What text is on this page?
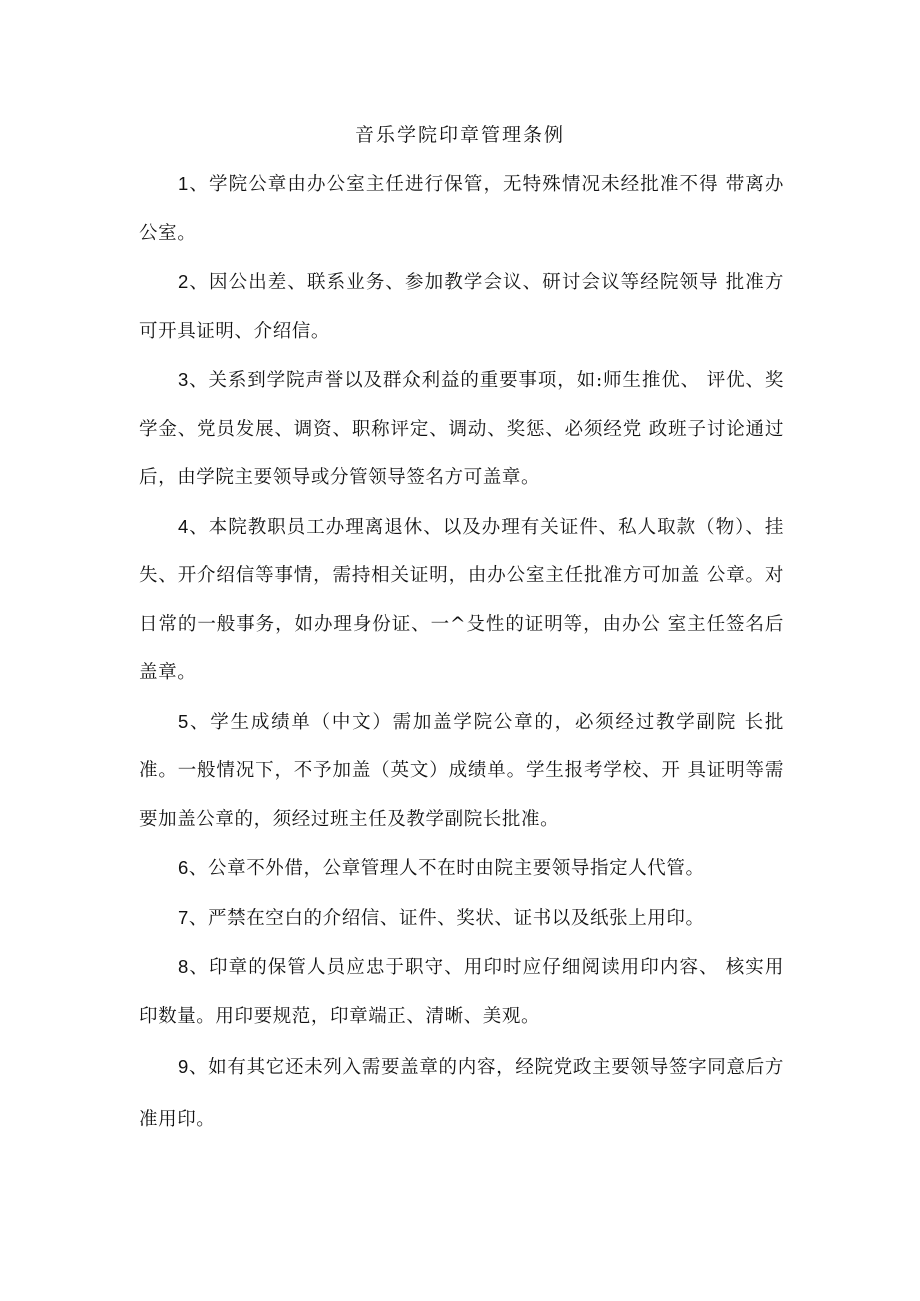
音乐学院印章管理条例

1、学院公章由办公室主任进行保管，无特殊情况未经批准不得 带离办公室。

2、因公出差、联系业务、参加教学会议、研讨会议等经院领导 批准方可开具证明、介绍信。

3、关系到学院声誉以及群众利益的重要事项，如:师生推优、 评优、奖学金、党员发展、调资、职称评定、调动、奖惩、必须经党 政班子讨论通过后，由学院主要领导或分管领导签名方可盖章。

4、本院教职员工办理离退休、以及办理有关证件、私人取款（物）、挂失、开介绍信等事情，需持相关证明，由办公室主任批准方可加盖 公章。对日常的一般事务，如办理身份证、一^殳性的证明等，由办公 室主任签名后盖章。

5、学生成绩单（中文）需加盖学院公章的，必须经过教学副院 长批准。一般情况下，不予加盖（英文）成绩单。学生报考学校、开 具证明等需要加盖公章的，须经过班主任及教学副院长批准。

6、公章不外借，公章管理人不在时由院主要领导指定人代管。

7、严禁在空白的介绍信、证件、奖状、证书以及纸张上用印。

8、印章的保管人员应忠于职守、用印时应仔细阅读用印内容、 核实用印数量。用印要规范，印章端正、清晰、美观。

9、如有其它还未列入需要盖章的内容，经院党政主要领导签字同意后方准用印。
